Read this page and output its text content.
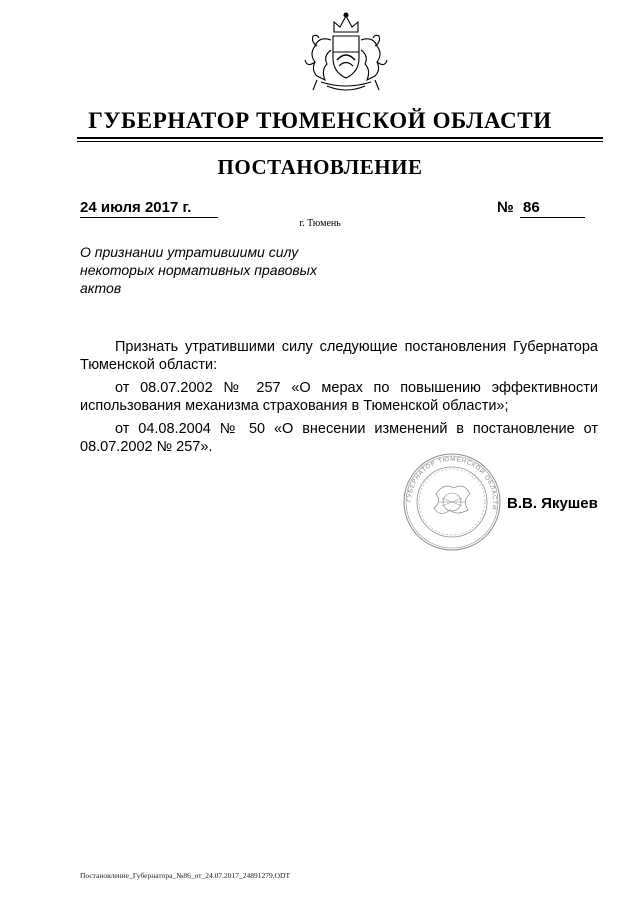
ГУБЕРНАТОР ТЮМЕНСКОЙ ОБЛАСТИ
ПОСТАНОВЛЕНИЕ
24 июля 2017 г.	№ 86
г. Тюмень
О признании утратившими силу некоторых нормативных правовых актов

Признать утратившими силу следующие постановления Губернатора Тюменской области:

от 08.07.2002 № 257 «О мерах по повышению эффективности использования механизма страхования в Тюменской области»;

от 04.08.2004 № 50 «О внесении изменений в постановление от 08.07.2002 № 257».

ГУБЕРНАТОР ТЮМЕНСКОЙ ОБЛАСТИ В.В. Якушев
Постановление_Губернатора_№86_от_24.07.2017_24891279.ODT
